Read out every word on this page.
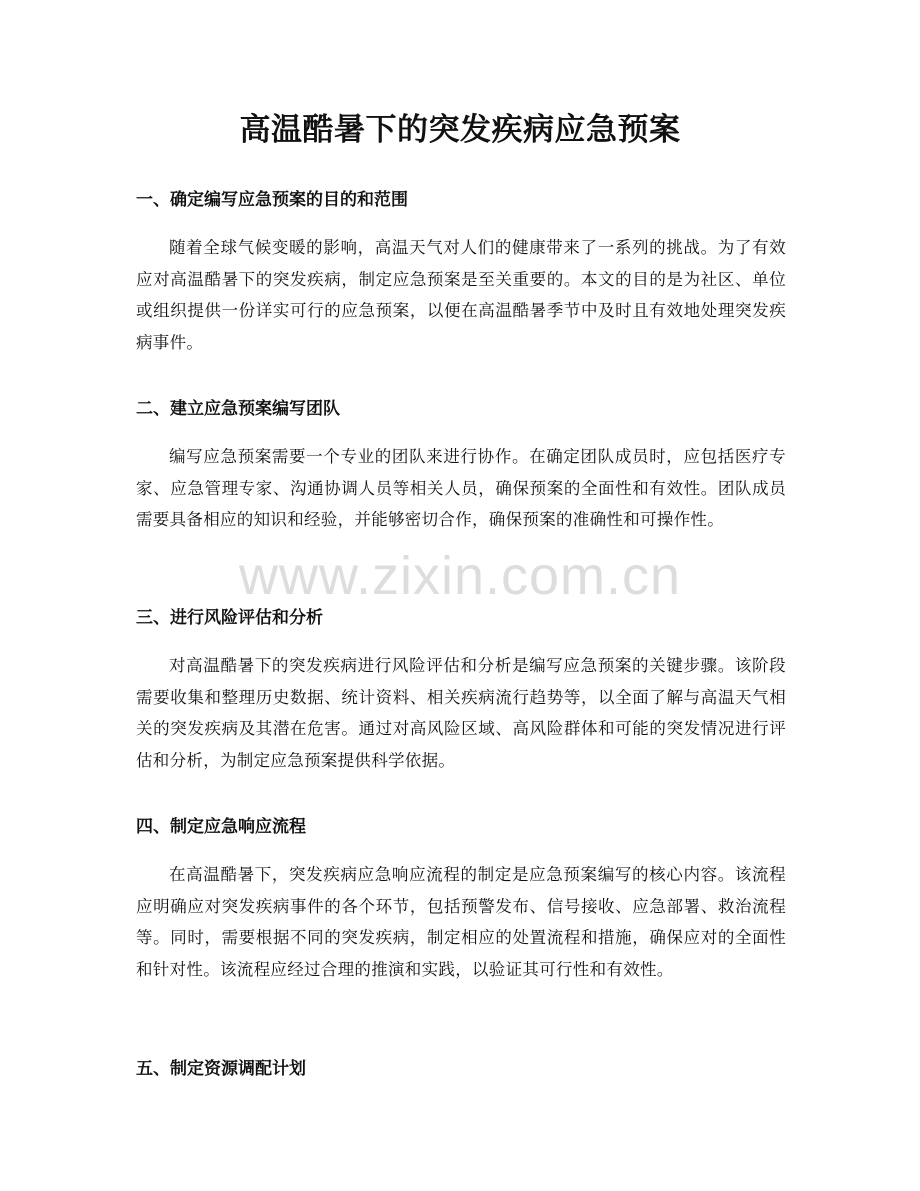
高温酷暑下的突发疾病应急预案
一、确定编写应急预案的目的和范围

随着全球气候变暖的影响，高温天气对人们的健康带来了一系列的挑战。为了有效应对高温酷暑下的突发疾病，制定应急预案是至关重要的。本文的目的是为社区、单位或组织提供一份详实可行的应急预案，以便在高温酷暑季节中及时且有效地处理突发疾病事件。

二、建立应急预案编写团队

编写应急预案需要一个专业的团队来进行协作。在确定团队成员时，应包括医疗专家、应急管理专家、沟通协调人员等相关人员，确保预案的全面性和有效性。团队成员需要具备相应的知识和经验，并能够密切合作，确保预案的准确性和可操作性。

三、进行风险评估和分析

对高温酷暑下的突发疾病进行风险评估和分析是编写应急预案的关键步骤。该阶段需要收集和整理历史数据、统计资料、相关疾病流行趋势等，以全面了解与高温天气相关的突发疾病及其潜在危害。通过对高风险区域、高风险群体和可能的突发情况进行评估和分析，为制定应急预案提供科学依据。

四、制定应急响应流程

在高温酷暑下，突发疾病应急响应流程的制定是应急预案编写的核心内容。该流程应明确应对突发疾病事件的各个环节，包括预警发布、信号接收、应急部署、救治流程等。同时，需要根据不同的突发疾病，制定相应的处置流程和措施，确保应对的全面性和针对性。该流程应经过合理的推演和实践，以验证其可行性和有效性。

五、制定资源调配计划
www.zixin.com.cn
